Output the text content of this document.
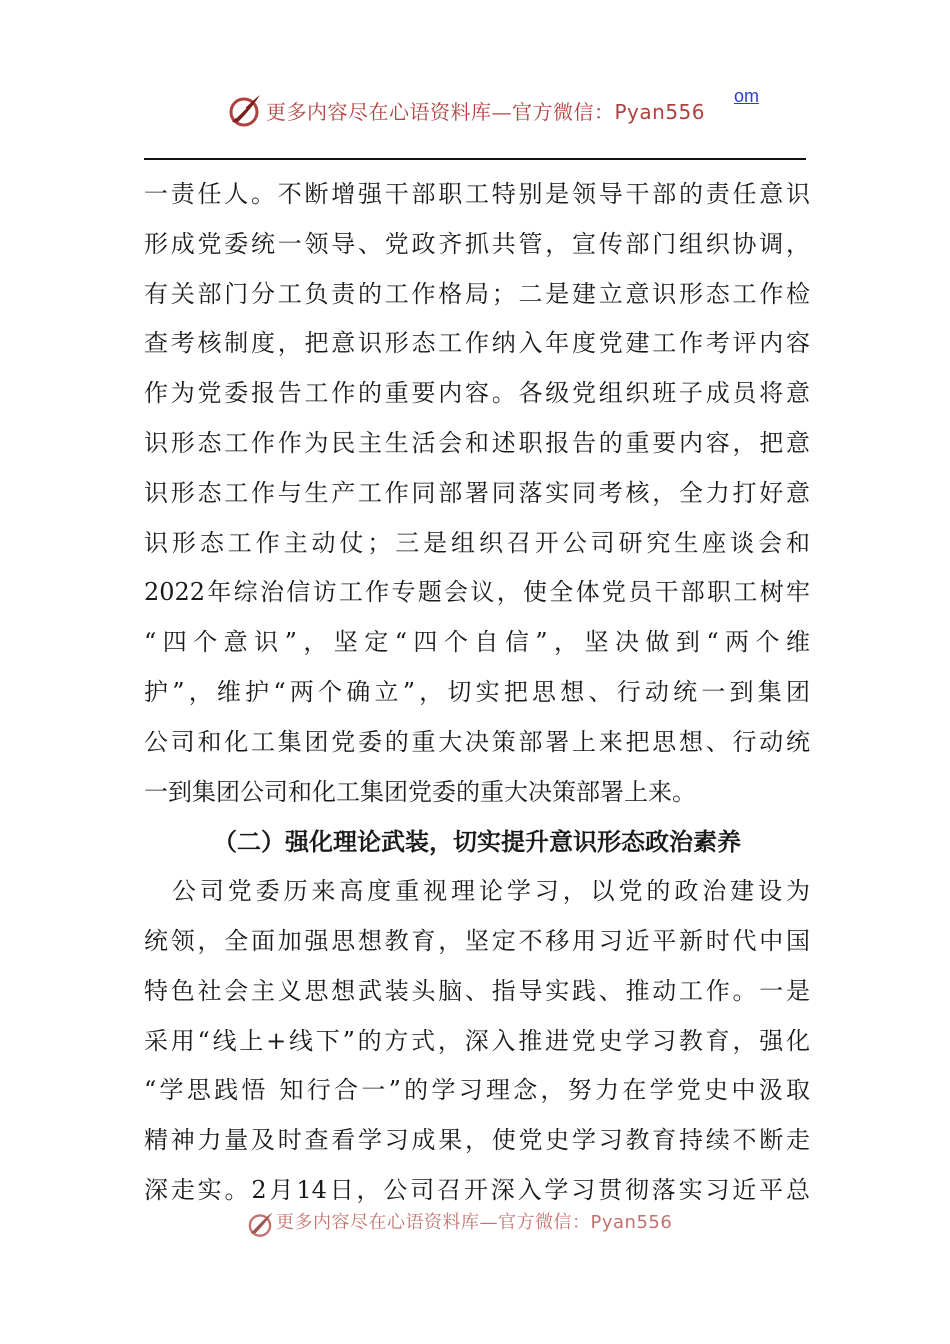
更多内容尽在心语资料库—官方微信：Pyan556
om
一责任人。不断增强干部职工特别是领导干部的责任意识
形成党委统一领导、党政齐抓共管，宣传部门组织协调，
有关部门分工负责的工作格局；二是建立意识形态工作检
查考核制度，把意识形态工作纳入年度党建工作考评内容
作为党委报告工作的重要内容。各级党组织班子成员将意
识形态工作作为民主生活会和述职报告的重要内容，把意
识形态工作与生产工作同部署同落实同考核，全力打好意
识形态工作主动仗；三是组织召开公司研究生座谈会和
2022年综治信访工作专题会议，使全体党员干部职工树牢
“四个意识”，坚定“四个自信”，坚决做到“两个维
护”，维护“两个确立”，切实把思想、行动统一到集团
公司和化工集团党委的重大决策部署上来把思想、行动统
一到集团公司和化工集团党委的重大决策部署上来。
（二）强化理论武装，切实提升意识形态政治素养
　公司党委历来高度重视理论学习，以党的政治建设为
统领，全面加强思想教育，坚定不移用习近平新时代中国
特色社会主义思想武装头脑、指导实践、推动工作。一是
采用“线上+线下”的方式，深入推进党史学习教育，强化
“学思践悟 知行合一”的学习理念，努力在学党史中汲取
精神力量及时查看学习成果，使党史学习教育持续不断走
深走实。2月14日，公司召开深入学习贯彻落实习近平总
更多内容尽在心语资料库—官方微信：Pyan556
